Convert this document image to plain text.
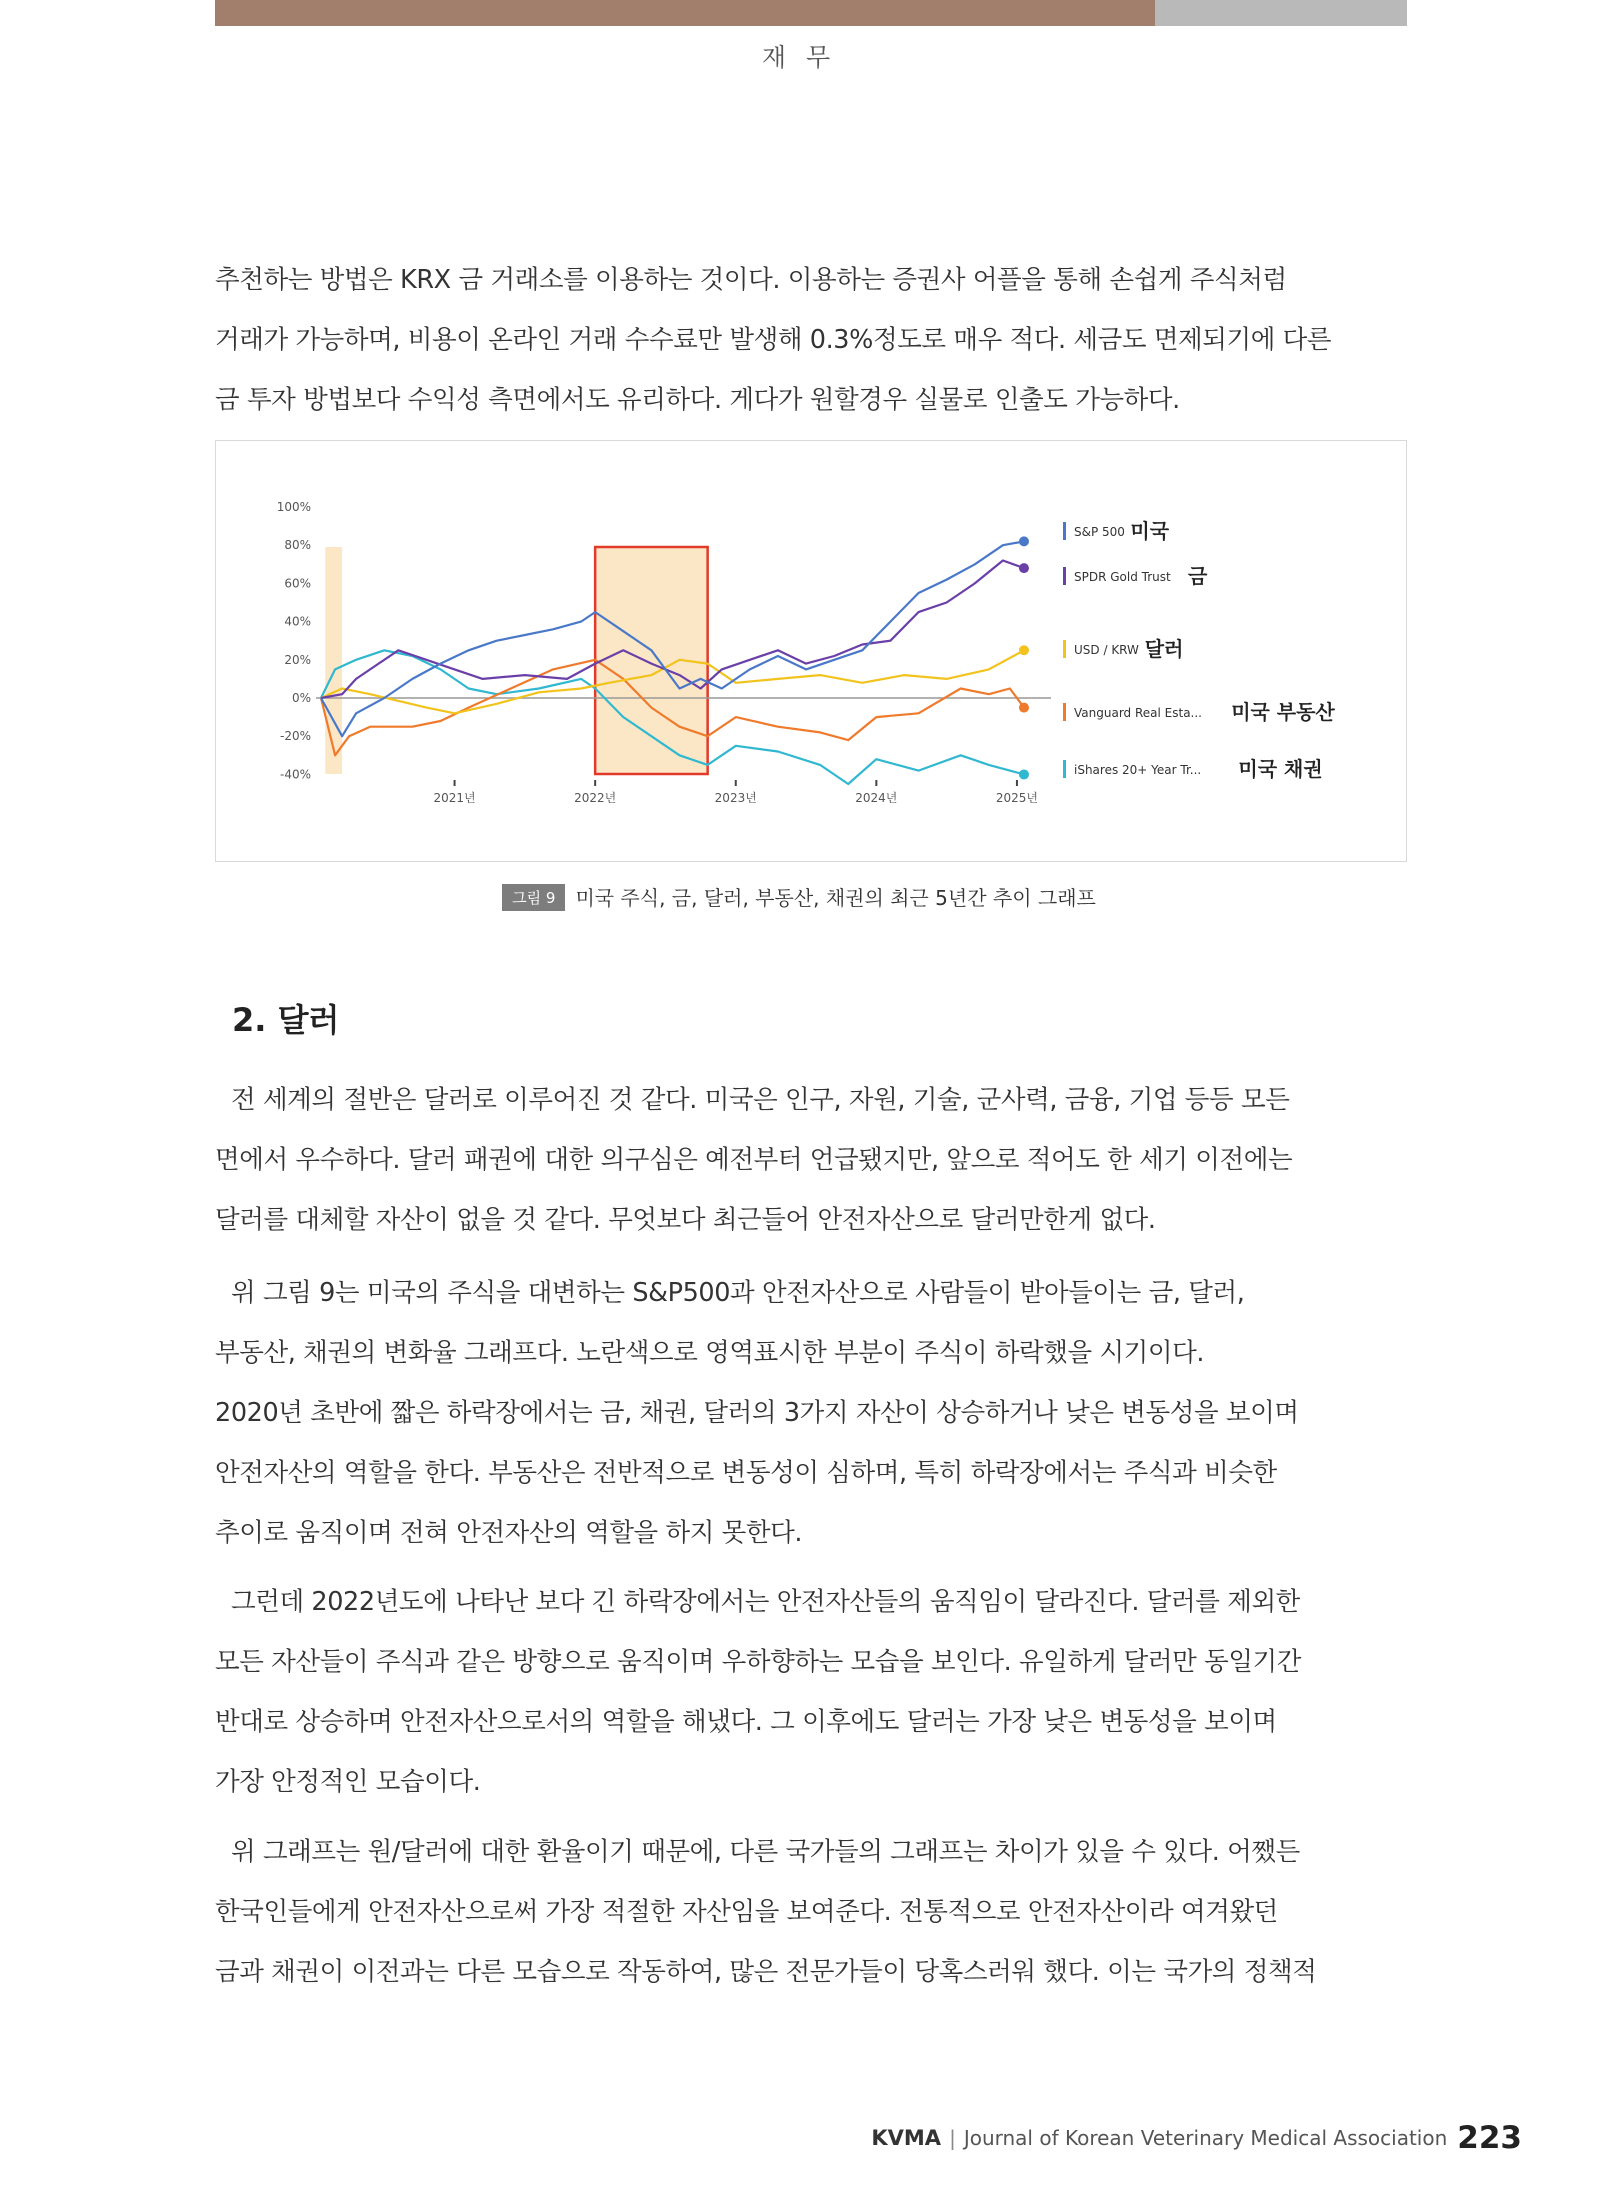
재 무
추천하는 방법은 KRX 금 거래소를 이용하는 것이다. 이용하는 증권사 어플을 통해 손쉽게 주식처럼
거래가 가능하며, 비용이 온라인 거래 수수료만 발생해 0.3%정도로 매우 적다. 세금도 면제되기에 다른
금 투자 방법보다 수익성 측면에서도 유리하다. 게다가 원할경우 실물로 인출도 가능하다.
100%
80%
60%
40%
20%
0%
-20%
-40%
2021년	2022년	2023년	2024년	2025년
S&P 500 미국
SPDR Gold Trust 금
USD / KRW 달러
Vanguard Real Esta... 미국 부동산
iShares 20+ Year Tr... 미국 채권
그림 9 미국 주식, 금, 달러, 부동산, 채권의 최근 5년간 추이 그래프
2. 달러
전 세계의 절반은 달러로 이루어진 것 같다. 미국은 인구, 자원, 기술, 군사력, 금융, 기업 등등 모든
면에서 우수하다. 달러 패권에 대한 의구심은 예전부터 언급됐지만, 앞으로 적어도 한 세기 이전에는
달러를 대체할 자산이 없을 것 같다. 무엇보다 최근들어 안전자산으로 달러만한게 없다.
위 그림 9는 미국의 주식을 대변하는 S&P500과 안전자산으로 사람들이 받아들이는 금, 달러,
부동산, 채권의 변화율 그래프다. 노란색으로 영역표시한 부분이 주식이 하락했을 시기이다.
2020년 초반에 짧은 하락장에서는 금, 채권, 달러의 3가지 자산이 상승하거나 낮은 변동성을 보이며
안전자산의 역할을 한다. 부동산은 전반적으로 변동성이 심하며, 특히 하락장에서는 주식과 비슷한
추이로 움직이며 전혀 안전자산의 역할을 하지 못한다.
그런데 2022년도에 나타난 보다 긴 하락장에서는 안전자산들의 움직임이 달라진다. 달러를 제외한
모든 자산들이 주식과 같은 방향으로 움직이며 우하향하는 모습을 보인다. 유일하게 달러만 동일기간
반대로 상승하며 안전자산으로서의 역할을 해냈다. 그 이후에도 달러는 가장 낮은 변동성을 보이며
가장 안정적인 모습이다.
위 그래프는 원/달러에 대한 환율이기 때문에, 다른 국가들의 그래프는 차이가 있을 수 있다. 어쨌든
한국인들에게 안전자산으로써 가장 적절한 자산임을 보여준다. 전통적으로 안전자산이라 여겨왔던
금과 채권이 이전과는 다른 모습으로 작동하여, 많은 전문가들이 당혹스러워 했다. 이는 국가의 정책적
KVMA | Journal of Korean Veterinary Medical Association 223
